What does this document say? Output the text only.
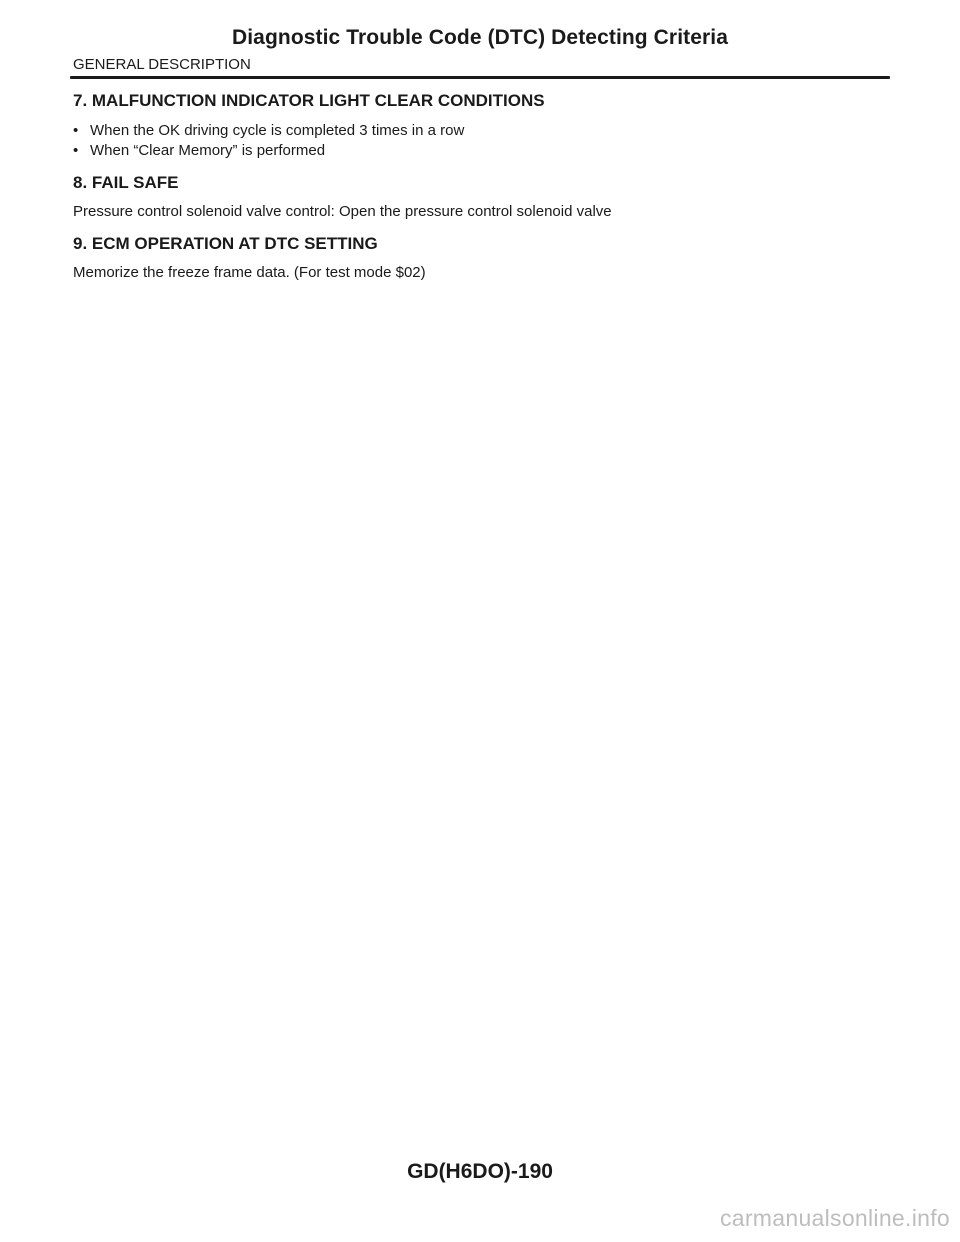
Diagnostic Trouble Code (DTC) Detecting Criteria
GENERAL DESCRIPTION
7. MALFUNCTION INDICATOR LIGHT CLEAR CONDITIONS
• When the OK driving cycle is completed 3 times in a row
• When “Clear Memory” is performed
8. FAIL SAFE

Pressure control solenoid valve control: Open the pressure control solenoid valve

9. ECM OPERATION AT DTC SETTING

Memorize the freeze frame data. (For test mode $02)

GD(H6DO)-190
carmanualsonline.info
